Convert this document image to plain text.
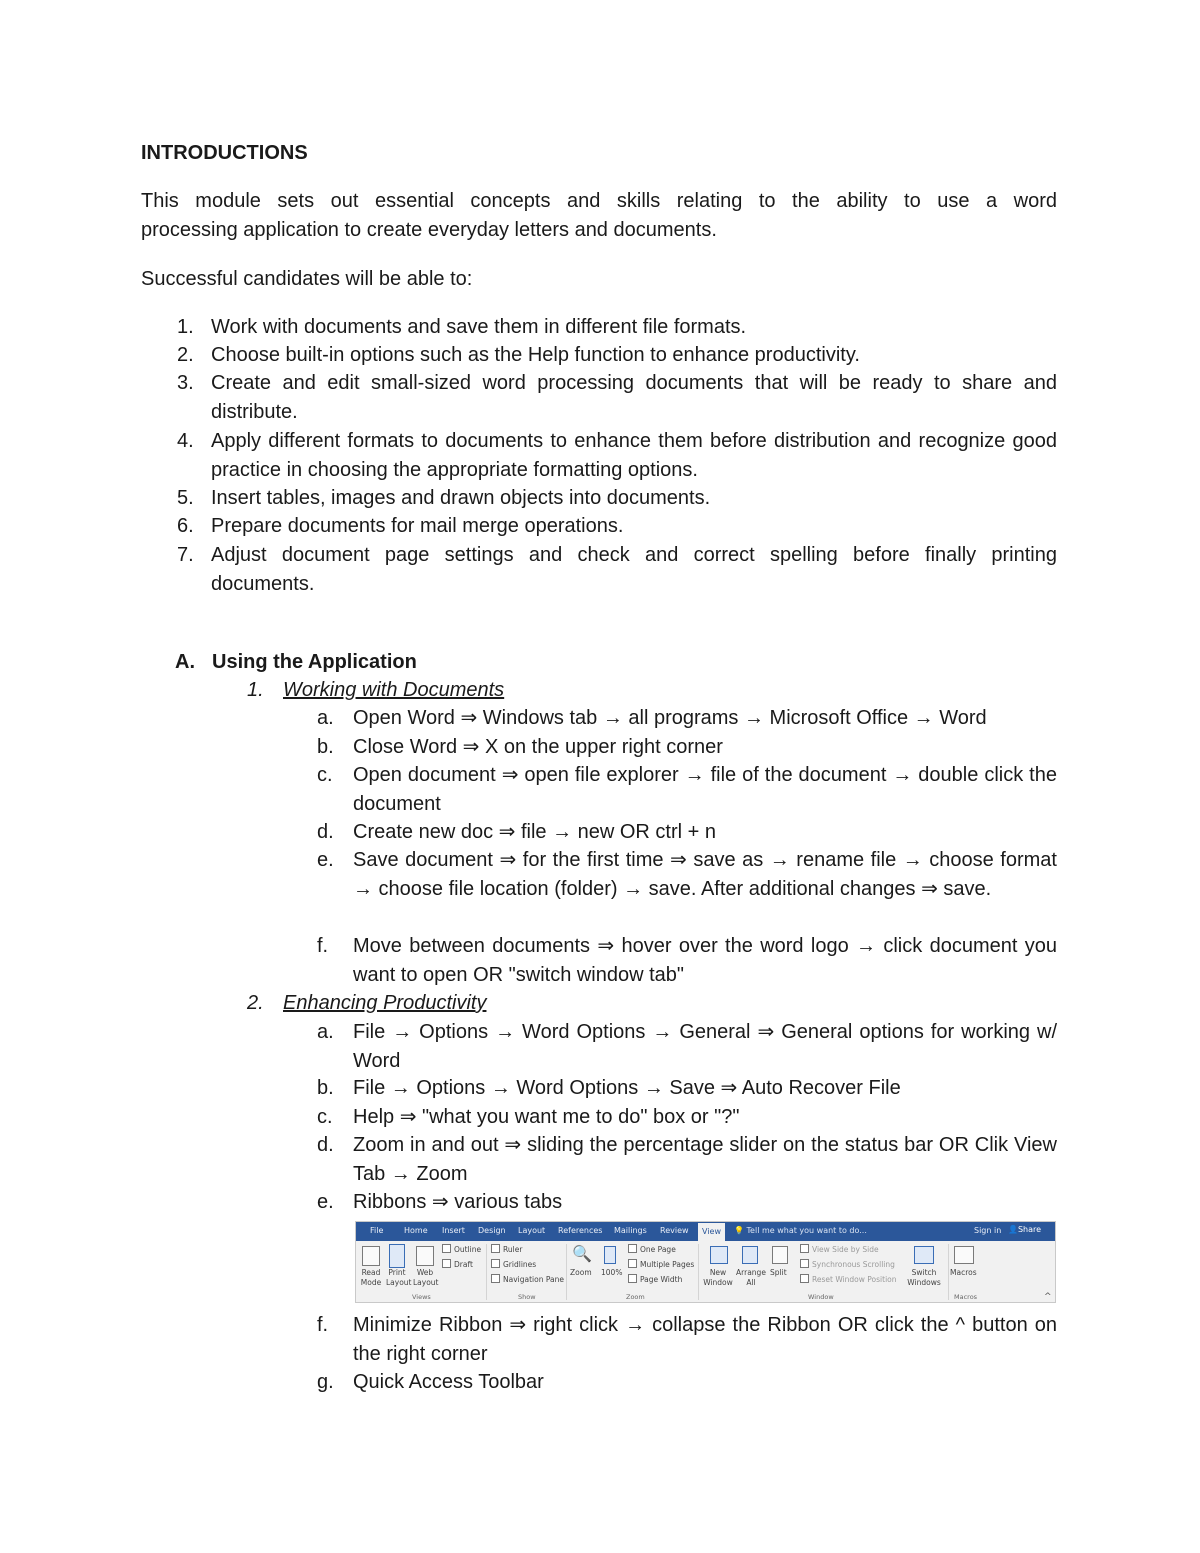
INTRODUCTIONS
This module sets out essential concepts and skills relating to the ability to use a word
processing application to create everyday letters and documents.
Successful candidates will be able to:
1. Work with documents and save them in different file formats.
2. Choose built-in options such as the Help function to enhance productivity.
3. Create and edit small-sized word processing documents that will be ready to share and distribute.
4. Apply different formats to documents to enhance them before distribution and recognize good practice in choosing the appropriate formatting options.
5. Insert tables, images and drawn objects into documents.
6. Prepare documents for mail merge operations.
7. Adjust document page settings and check and correct spelling before finally printing documents.
A. Using the Application
1. Working with Documents
a. Open Word ⇒ Windows tab → all programs → Microsoft Office → Word
b. Close Word ⇒ X on the upper right corner
c. Open document ⇒ open file explorer → file of the document → double click the document
d. Create new doc ⇒ file → new OR ctrl + n
e. Save document ⇒ for the first time ⇒ save as → rename file → choose format → choose file location (folder) → save. After additional changes ⇒ save.
f. Move between documents ⇒ hover over the word logo → click document you want to open OR "switch window tab"
2. Enhancing Productivity
a. File → Options → Word Options → General ⇒ General options for working w/ Word
b. File → Options → Word Options → Save ⇒ Auto Recover File
c. Help ⇒ "what you want me to do" box or "?"
d. Zoom in and out ⇒ sliding the percentage slider on the status bar OR Clik View Tab → Zoom
e. Ribbons ⇒ various tabs
File	Home Insert Design Layout References Mailings Review	View	💡 Tell me what you want to do...	Sign in 👤Share
Read Mode
Print Layout
Web Layout
Outline
Draft
Views
Ruler
Gridlines
Navigation Pane
Show
🔍
Zoom 100%
One Page
Multiple Pages
Page Width
Zoom
New Window
Arrange All
Split
View Side by Side
Synchronous Scrolling
Reset Window Position
Switch Windows
Window
Macros
Macros	^
f. Minimize Ribbon ⇒ right click → collapse the Ribbon OR click the ^ button on the right corner
g. Quick Access Toolbar
